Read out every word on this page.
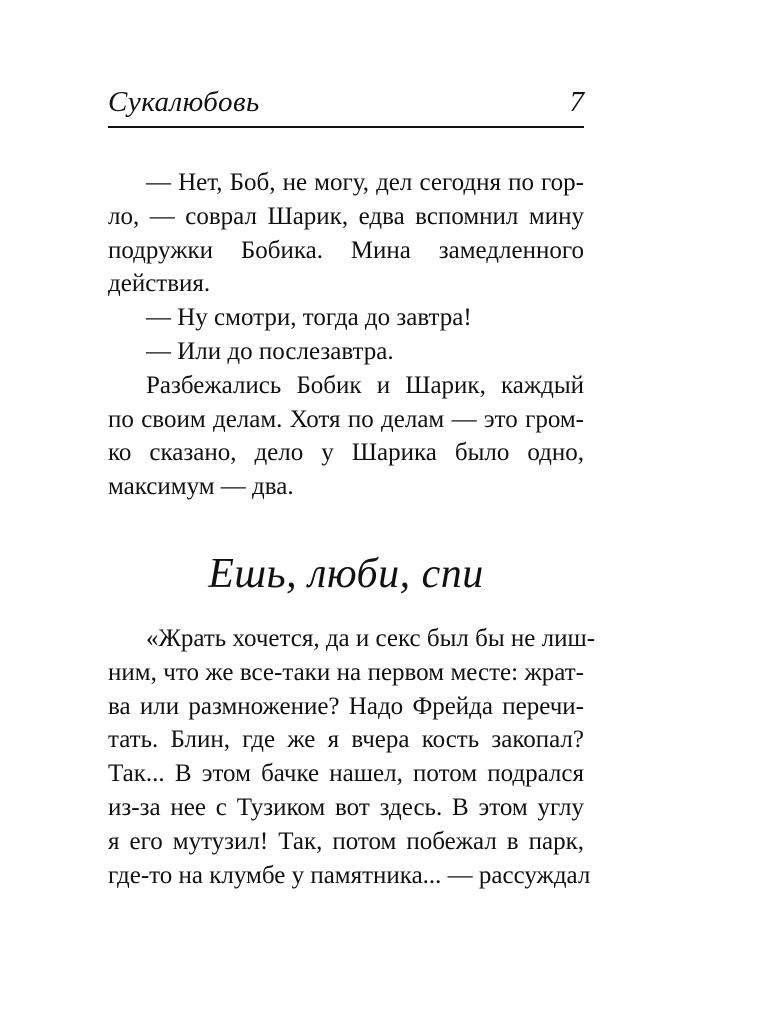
Сукалюбовь	7
— Нет, Боб, не могу, дел сегодня по гор-
ло, — соврал Шарик, едва вспомнил мину
подружки Бобика. Мина замедленного
действия.
— Ну смотри, тогда до завтра!
— Или до послезавтра.
Разбежались Бобик и Шарик, каждый
по своим делам. Хотя по делам — это гром-
ко сказано, дело у Шарика было одно,
максимум — два.
Ешь, люби, спи
«Жрать хочется, да и секс был бы не лиш-
ним, что же все-таки на первом месте: жрат-
ва или размножение? Надо Фрейда перечи-
тать. Блин, где же я вчера кость закопал?
Так... В этом бачке нашел, потом подрался
из-за нее с Тузиком вот здесь. В этом углу
я его мутузил! Так, потом побежал в парк,
где-то на клумбе у памятника... — рассуждал
